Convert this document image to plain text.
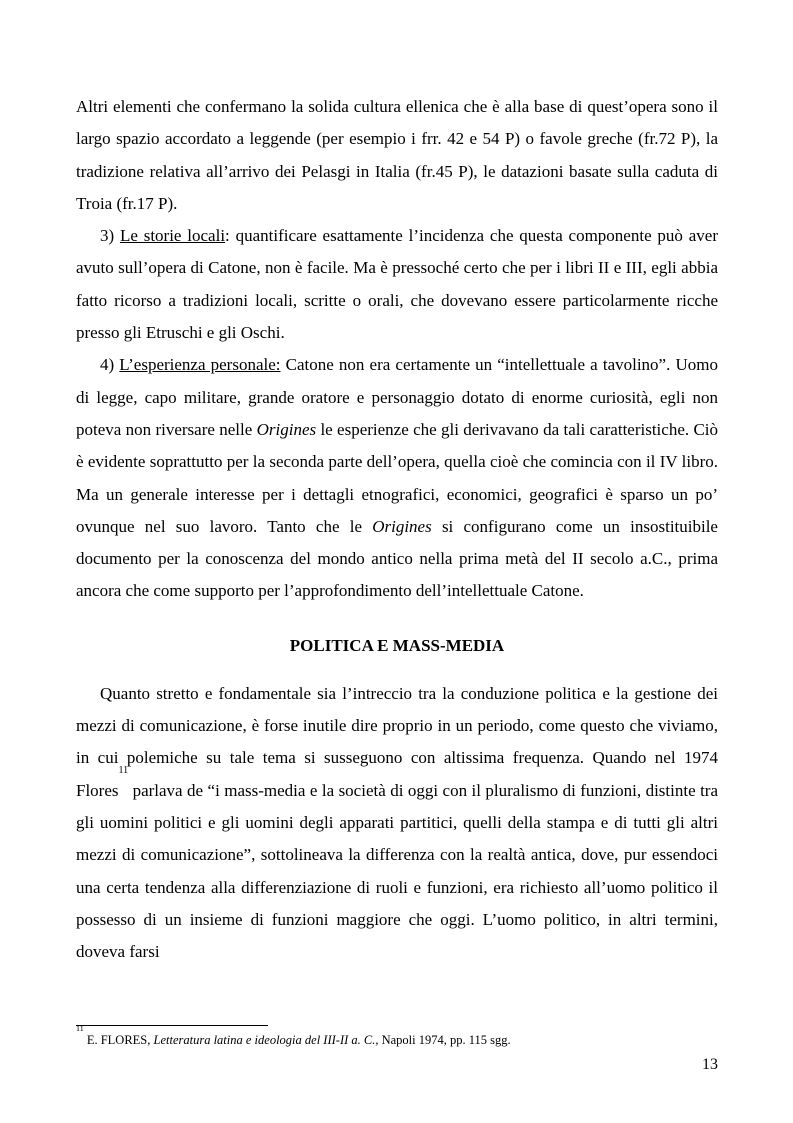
Altri elementi che confermano la solida cultura ellenica che è alla base di quest’opera sono il largo spazio accordato a leggende (per esempio i frr. 42 e 54 P) o favole greche (fr.72 P), la tradizione relativa all’arrivo dei Pelasgi in Italia (fr.45 P), le datazioni basate sulla caduta di Troia (fr.17 P).

3) Le storie locali: quantificare esattamente l’incidenza che questa componente può aver avuto sull’opera di Catone, non è facile. Ma è pressoché certo che per i libri II e III, egli abbia fatto ricorso a tradizioni locali, scritte o orali, che dovevano essere particolarmente ricche presso gli Etruschi e gli Oschi.

4) L’esperienza personale: Catone non era certamente un “intellettuale a tavolino”. Uomo di legge, capo militare, grande oratore e personaggio dotato di enorme curiosità, egli non poteva non riversare nelle Origines le esperienze che gli derivavano da tali caratteristiche. Ciò è evidente soprattutto per la seconda parte dell’opera, quella cioè che comincia con il IV libro. Ma un generale interesse per i dettagli etnografici, economici, geografici è sparso un po’ ovunque nel suo lavoro. Tanto che le Origines si configurano come un insostituibile documento per la conoscenza del mondo antico nella prima metà del II secolo a.C., prima ancora che come supporto per l’approfondimento dell’intellettuale Catone.

POLITICA E MASS-MEDIA

Quanto stretto e fondamentale sia l’intreccio tra la conduzione politica e la gestione dei mezzi di comunicazione, è forse inutile dire proprio in un periodo, come questo che viviamo, in cui polemiche su tale tema si susseguono con altissima frequenza. Quando nel 1974 Flores$^{11}$ parlava de “i mass-media e la società di oggi con il pluralismo di funzioni, distinte tra gli uomini politici e gli uomini degli apparati partitici, quelli della stampa e di tutti gli altri mezzi di comunicazione”, sottolineava la differenza con la realtà antica, dove, pur essendoci una certa tendenza alla differenziazione di ruoli e funzioni, era richiesto all’uomo politico il possesso di un insieme di funzioni maggiore che oggi. L’uomo politico, in altri termini, doveva farsi

$^{11}$ E. FLORES, Letteratura latina e ideologia del III-II a. C., Napoli 1974, pp. 115 sgg.
13
